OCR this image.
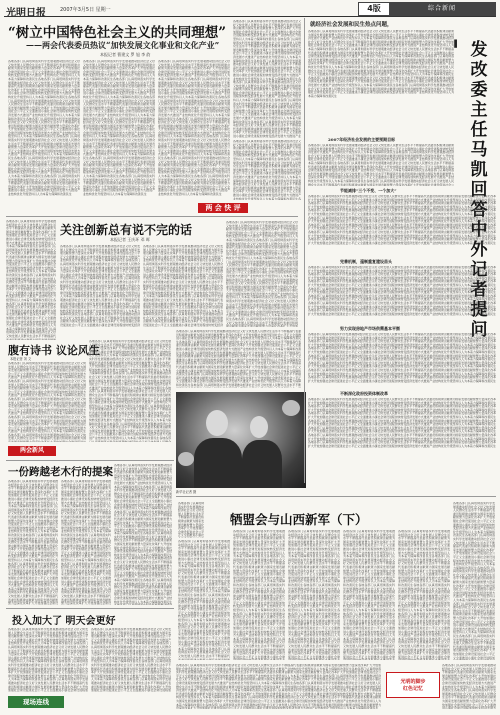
光明日报	2007年3月5日 星期一	4版	综合新闻
“树立中国特色社会主义的共同理想”
——两会代表委员热议“加快发展文化事业和文化产业”
本报记者 曹建文 罗 旭 李 韵
各地各部门认真贯彻落实科学发展观推动经济社会又好又快发展人民群众生活水平不断提高代表委员积极建言献策为国家发展贡献智慧力量深化改革扩大开放加强社会建设促进社会公平正义全面推进小康社会建设进程加快转变经济发展方式推进产业结构优化升级坚持以人为本着力保障和改善民生各地各部门认真贯彻落实科学发展观推动经济社会又好又快发展人民群众生活水平不断提高代表委员积极建言献策为国家发展贡献智慧力量深化改革扩大开放加强社会建设促进社会公平正义全面推进小康社会建设进程加快转变经济发展方式推进产业结构优化升级坚持以人为本着力保障和改善民生各地各部门认真贯彻落实科学发展观推动经济社会又好又快发展人民群众生活水平不断提高代表委员积极建言献策为国家发展贡献智慧力量深化改革扩大开放加强社会建设促进社会公平正义全面推进小康社会建设进程加快转变经济发展方式推进产业结构优化升级坚持以人为本着力保障和改善民生各地各部门认真贯彻落实科学发展观推动经济社会又好又快发展人民群众生活水平不断提高代表委员积极建言献策为国家发展贡献智慧力量深化改革扩大开放加强社会建设促进社会公平正义全面推进小康社会建设进程加快转变经济发展方式推进产业结构优化升级坚持以人为本着力保障和改善民生各地各部门认真贯彻落实科学发展观推动经济社会又好又快发展人民群众生活水平不断提高代表委员积极建言献策为国家发展贡献智慧力量深化改革扩大开放加强社会建设促进社会公平正义全面推进小康社会建设进程加快转变经济发展方式推进产业结构优化升级坚持以人为本着力保障和改善民生各地各部门认真贯彻落实科学发展观推动经济社会又好又快发展人民群众生活水平不断提高代表委员积极建言献策为国家发展贡献智慧力量深化改革扩大开放加强社会建设促进社会公平正义全面推进小康社会建设进程加快转变经济发展方式推进产业结构优化升级坚持以人为本着力保障和改善民生各地各部门认真贯彻落实科学发展观推动经济社会又好又快发展人民群众生活水平不断提高代表委员积极建言献策为国家发展贡献智慧力量深化改革扩大开放加强社会建设促进社会公平正义全面推进小康社会建设进程加快转变经济发展方式推进产业结构优化升级坚持以人为本着力保障和改善民生
各地各部门认真贯彻落实科学发展观推动经济社会又好又快发展人民群众生活水平不断提高代表委员积极建言献策为国家发展贡献智慧力量深化改革扩大开放加强社会建设促进社会公平正义全面推进小康社会建设进程加快转变经济发展方式推进产业结构优化升级坚持以人为本着力保障和改善民生各地各部门认真贯彻落实科学发展观推动经济社会又好又快发展人民群众生活水平不断提高代表委员积极建言献策为国家发展贡献智慧力量深化改革扩大开放加强社会建设促进社会公平正义全面推进小康社会建设进程加快转变经济发展方式推进产业结构优化升级坚持以人为本着力保障和改善民生各地各部门认真贯彻落实科学发展观推动经济社会又好又快发展人民群众生活水平不断提高代表委员积极建言献策为国家发展贡献智慧力量深化改革扩大开放加强社会建设促进社会公平正义全面推进小康社会建设进程加快转变经济发展方式推进产业结构优化升级坚持以人为本着力保障和改善民生各地各部门认真贯彻落实科学发展观推动经济社会又好又快发展人民群众生活水平不断提高代表委员积极建言献策为国家发展贡献智慧力量深化改革扩大开放加强社会建设促进社会公平正义全面推进小康社会建设进程加快转变经济发展方式推进产业结构优化升级坚持以人为本着力保障和改善民生各地各部门认真贯彻落实科学发展观推动经济社会又好又快发展人民群众生活水平不断提高代表委员积极建言献策为国家发展贡献智慧力量深化改革扩大开放加强社会建设促进社会公平正义全面推进小康社会建设进程加快转变经济发展方式推进产业结构优化升级坚持以人为本着力保障和改善民生各地各部门认真贯彻落实科学发展观推动经济社会又好又快发展人民群众生活水平不断提高代表委员积极建言献策为国家发展贡献智慧力量深化改革扩大开放加强社会建设促进社会公平正义全面推进小康社会建设进程加快转变经济发展方式推进产业结构优化升级坚持以人为本着力保障和改善民生各地各部门认真贯彻落实科学发展观推动经济社会又好又快发展人民群众生活水平不断提高代表委员积极建言献策为国家发展贡献智慧力量深化改革扩大开放加强社会建设促进社会公平正义全面推进小康社会建设进程加快转变经济发展方式推进产业结构优化升级坚持以人为本着力保障和改善民生
各地各部门认真贯彻落实科学发展观推动经济社会又好又快发展人民群众生活水平不断提高代表委员积极建言献策为国家发展贡献智慧力量深化改革扩大开放加强社会建设促进社会公平正义全面推进小康社会建设进程加快转变经济发展方式推进产业结构优化升级坚持以人为本着力保障和改善民生各地各部门认真贯彻落实科学发展观推动经济社会又好又快发展人民群众生活水平不断提高代表委员积极建言献策为国家发展贡献智慧力量深化改革扩大开放加强社会建设促进社会公平正义全面推进小康社会建设进程加快转变经济发展方式推进产业结构优化升级坚持以人为本着力保障和改善民生各地各部门认真贯彻落实科学发展观推动经济社会又好又快发展人民群众生活水平不断提高代表委员积极建言献策为国家发展贡献智慧力量深化改革扩大开放加强社会建设促进社会公平正义全面推进小康社会建设进程加快转变经济发展方式推进产业结构优化升级坚持以人为本着力保障和改善民生各地各部门认真贯彻落实科学发展观推动经济社会又好又快发展人民群众生活水平不断提高代表委员积极建言献策为国家发展贡献智慧力量深化改革扩大开放加强社会建设促进社会公平正义全面推进小康社会建设进程加快转变经济发展方式推进产业结构优化升级坚持以人为本着力保障和改善民生各地各部门认真贯彻落实科学发展观推动经济社会又好又快发展人民群众生活水平不断提高代表委员积极建言献策为国家发展贡献智慧力量深化改革扩大开放加强社会建设促进社会公平正义全面推进小康社会建设进程加快转变经济发展方式推进产业结构优化升级坚持以人为本着力保障和改善民生各地各部门认真贯彻落实科学发展观推动经济社会又好又快发展人民群众生活水平不断提高代表委员积极建言献策为国家发展贡献智慧力量深化改革扩大开放加强社会建设促进社会公平正义全面推进小康社会建设进程加快转变经济发展方式推进产业结构优化升级坚持以人为本着力保障和改善民生各地各部门认真贯彻落实科学发展观推动经济社会又好又快发展人民群众生活水平不断提高代表委员积极建言献策为国家发展贡献智慧力量深化改革扩大开放加强社会建设促进社会公平正义全面推进小康社会建设进程加快转变经济发展方式推进产业结构优化升级坚持以人为本着力保障和改善民生
各地各部门认真贯彻落实科学发展观推动经济社会又好又快发展人民群众生活水平不断提高代表委员积极建言献策为国家发展贡献智慧力量深化改革扩大开放加强社会建设促进社会公平正义全面推进小康社会建设进程加快转变经济发展方式推进产业结构优化升级坚持以人为本着力保障和改善民生各地各部门认真贯彻落实科学发展观推动经济社会又好又快发展人民群众生活水平不断提高代表委员积极建言献策为国家发展贡献智慧力量深化改革扩大开放加强社会建设促进社会公平正义全面推进小康社会建设进程加快转变经济发展方式推进产业结构优化升级坚持以人为本着力保障和改善民生各地各部门认真贯彻落实科学发展观推动经济社会又好又快发展人民群众生活水平不断提高代表委员积极建言献策为国家发展贡献智慧力量深化改革扩大开放加强社会建设促进社会公平正义全面推进小康社会建设进程加快转变经济发展方式推进产业结构优化升级坚持以人为本着力保障和改善民生各地各部门认真贯彻落实科学发展观推动经济社会又好又快发展人民群众生活水平不断提高代表委员积极建言献策为国家发展贡献智慧力量深化改革扩大开放加强社会建设促进社会公平正义全面推进小康社会建设进程加快转变经济发展方式推进产业结构优化升级坚持以人为本着力保障和改善民生各地各部门认真贯彻落实科学发展观推动经济社会又好又快发展人民群众生活水平不断提高代表委员积极建言献策为国家发展贡献智慧力量深化改革扩大开放加强社会建设促进社会公平正义全面推进小康社会建设进程加快转变经济发展方式推进产业结构优化升级坚持以人为本着力保障和改善民生各地各部门认真贯彻落实科学发展观推动经济社会又好又快发展人民群众生活水平不断提高代表委员积极建言献策为国家发展贡献智慧力量深化改革扩大开放加强社会建设促进社会公平正义全面推进小康社会建设进程加快转变经济发展方式推进产业结构优化升级坚持以人为本着力保障和改善民生各地各部门认真贯彻落实科学发展观推动经济社会又好又快发展人民群众生活水平不断提高代表委员积极建言献策为国家发展贡献智慧力量深化改革扩大开放加强社会建设促进社会公平正义全面推进小康社会建设进程加快转变经济发展方式推进产业结构优化升级坚持以人为本着力保障和改善民生
各地各部门认真贯彻落实科学发展观推动经济社会又好又快发展人民群众生活水平不断提高代表委员积极建言献策为国家发展贡献智慧力量深化改革扩大开放加强社会建设促进社会公平正义全面推进小康社会建设进程加快转变经济发展方式推进产业结构优化升级坚持以人为本着力保障和改善民生各地各部门认真贯彻落实科学发展观推动经济社会又好又快发展人民群众生活水平不断提高代表委员积极建言献策为国家发展贡献智慧力量深化改革扩大开放加强社会建设促进社会公平正义全面推进小康社会建设进程加快转变经济发展方式推进产业结构优化升级坚持以人为本着力保障和改善民生各地各部门认真贯彻落实科学发展观推动经济社会又好又快发展人民群众生活水平不断提高代表委员积极建言献策为国家发展贡献智慧力量深化改革扩大开放加强社会建设促进社会公平正义全面推进小康社会建设进程加快转变经济发展方式推进产业结构优化升级坚持以人为本着力保障和改善民生各地各部门认真贯彻落实科学发展观推动经济社会又好又快发展人民群众生活水平不断提高代表委员积极建言献策为国家发展贡献智慧力量深化改革扩大开放加强社会建设促进社会公平正义全面推进小康社会建设进程加快转变经济发展方式推进产业结构优化升级坚持以人为本着力保障和改善民生各地各部门认真贯彻落实科学发展观推动经济社会又好又快发展人民群众生活水平不断提高代表委员积极建言献策为国家发展贡献智慧力量深化改革扩大开放加强社会建设促进社会公平正义全面推进小康社会建设进程加快转变经济发展方式推进产业结构优化升级坚持以人为本着力保障和改善民生各地各部门认真贯彻落实科学发展观推动经济社会又好又快发展人民群众生活水平不断提高代表委员积极建言献策为国家发展贡献智慧力量深化改革扩大开放加强社会建设促进社会公平正义全面推进小康社会建设进程加快转变经济发展方式推进产业结构优化升级坚持以人为本着力保障和改善民生各地各部门认真贯彻落实科学发展观推动经济社会又好又快发展人民群众生活水平不断提高代表委员积极建言献策为国家发展贡献智慧力量深化改革扩大开放加强社会建设促进社会公平正义全面推进小康社会建设进程加快转变经济发展方式推进产业结构优化升级坚持以人为本着力保障和改善民生
两 会 快 评
关注创新总有说不完的话
本报记者 王庆环 邓 晖
各地各部门认真贯彻落实科学发展观推动经济社会又好又快发展人民群众生活水平不断提高代表委员积极建言献策为国家发展贡献智慧力量深化改革扩大开放加强社会建设促进社会公平正义全面推进小康社会建设进程加快转变经济发展方式推进产业结构优化升级坚持以人为本着力保障和改善民生各地各部门认真贯彻落实科学发展观推动经济社会又好又快发展人民群众生活水平不断提高代表委员积极建言献策为国家发展贡献智慧力量深化改革扩大开放加强社会建设促进社会公平正义全面推进小康社会建设进程加快转变经济发展方式推进产业结构优化升级坚持以人为本着力保障和改善民生各地各部门认真贯彻落实科学发展观推动经济社会又好又快发展人民群众生活水平不断提高代表委员积极建言献策为国家发展贡献智慧力量深化改革扩大开放加强社会建设促进社会公平正义全面推进小康社会建设进程加快转变经济发展方式推进产业结构优化升级坚持以人为本着力保障和改善民生各地各部门认真贯彻落实科学发展观推动经济社会又好又快发展人民群众生活水平不断提高代表委员积极建言献策为国家发展贡献智慧力量深化改革扩大开放加强社会建设促进社会公平正义全面推进小康社会建设进程加快转变经济发展方式推进产业结构优化升级坚持以人为本着力保障和改善民生各地各部门认真贯彻落实科学发展观推动经济社会又好又快发展人民群众生活水平不断提高代表委员积极建言献策为国家发展贡献智慧力量深化改革扩大开放加强社会建设促进社会公平正义全面推进小康社会建设进程加快转变经济发展方式推进产业结构优化升级坚持以人为本着力保障和改善民生各地各部门认真贯彻落实科学发展观推动经济社会又好又快发展人民群众生活水平不断提高代表委员积极建言献策为国家发展贡献智慧力量深化改革扩大开放加强社会建设促进社会公平正义全面推进小康社会建设进程加快转变经济发展方式推进产业结构优化升级坚持以人为本着力保障和改善民生各地各部门认真贯彻落实科学发展观推动经济社会又好又快发展人民群众生活水平不断提高代表委员积极建言献策为国家发展贡献智慧力量深化改革扩大开放加强社会建设促进社会公平正义全面推进小康社会建设进程加快转变经济发展方式推进产业结构优化升级坚持以人为本着力保障和改善民生
各地各部门认真贯彻落实科学发展观推动经济社会又好又快发展人民群众生活水平不断提高代表委员积极建言献策为国家发展贡献智慧力量深化改革扩大开放加强社会建设促进社会公平正义全面推进小康社会建设进程加快转变经济发展方式推进产业结构优化升级坚持以人为本着力保障和改善民生各地各部门认真贯彻落实科学发展观推动经济社会又好又快发展人民群众生活水平不断提高代表委员积极建言献策为国家发展贡献智慧力量深化改革扩大开放加强社会建设促进社会公平正义全面推进小康社会建设进程加快转变经济发展方式推进产业结构优化升级坚持以人为本着力保障和改善民生各地各部门认真贯彻落实科学发展观推动经济社会又好又快发展人民群众生活水平不断提高代表委员积极建言献策为国家发展贡献智慧力量深化改革扩大开放加强社会建设促进社会公平正义全面推进小康社会建设进程加快转变经济发展方式推进产业结构优化升级坚持以人为本着力保障和改善民生各地各部门认真贯彻落实科学发展观推动经济社会又好又快发展人民群众生活水平不断提高代表委员积极建言献策为国家发展贡献智慧力量深化改革扩大开放加强社会建设促进社会公平正义全面推进小康社会建设进程加快转变经济发展方式推进产业结构优化升级坚持以人为本着力保障和改善民生各地各部门认真贯彻落实科学发展观推动经济社会又好又快发展人民群众生活水平不断提高代表委员积极建言献策为国家发展贡献智慧力量深化改革扩大开放加强社会建设促进社会公平正义全面推进小康社会建设进程加快转变经济发展方式推进产业结构优化升级坚持以人为本着力保障和改善民生各地各部门认真贯彻落实科学发展观推动经济社会又好又快发展人民群众生活水平不断提高代表委员积极建言献策为国家发展贡献智慧力量深化改革扩大开放加强社会建设促进社会公平正义全面推进小康社会建设进程加快转变经济发展方式推进产业结构优化升级坚持以人为本着力保障和改善民生各地各部门认真贯彻落实科学发展观推动经济社会又好又快发展人民群众生活水平不断提高代表委员积极建言献策为国家发展贡献智慧力量深化改革扩大开放加强社会建设促进社会公平正义全面推进小康社会建设进程加快转变经济发展方式推进产业结构优化升级坚持以人为本着力保障和改善民生
各地各部门认真贯彻落实科学发展观推动经济社会又好又快发展人民群众生活水平不断提高代表委员积极建言献策为国家发展贡献智慧力量深化改革扩大开放加强社会建设促进社会公平正义全面推进小康社会建设进程加快转变经济发展方式推进产业结构优化升级坚持以人为本着力保障和改善民生各地各部门认真贯彻落实科学发展观推动经济社会又好又快发展人民群众生活水平不断提高代表委员积极建言献策为国家发展贡献智慧力量深化改革扩大开放加强社会建设促进社会公平正义全面推进小康社会建设进程加快转变经济发展方式推进产业结构优化升级坚持以人为本着力保障和改善民生各地各部门认真贯彻落实科学发展观推动经济社会又好又快发展人民群众生活水平不断提高代表委员积极建言献策为国家发展贡献智慧力量深化改革扩大开放加强社会建设促进社会公平正义全面推进小康社会建设进程加快转变经济发展方式推进产业结构优化升级坚持以人为本着力保障和改善民生各地各部门认真贯彻落实科学发展观推动经济社会又好又快发展人民群众生活水平不断提高代表委员积极建言献策为国家发展贡献智慧力量深化改革扩大开放加强社会建设促进社会公平正义全面推进小康社会建设进程加快转变经济发展方式推进产业结构优化升级坚持以人为本着力保障和改善民生各地各部门认真贯彻落实科学发展观推动经济社会又好又快发展人民群众生活水平不断提高代表委员积极建言献策为国家发展贡献智慧力量深化改革扩大开放加强社会建设促进社会公平正义全面推进小康社会建设进程加快转变经济发展方式推进产业结构优化升级坚持以人为本着力保障和改善民生各地各部门认真贯彻落实科学发展观推动经济社会又好又快发展人民群众生活水平不断提高代表委员积极建言献策为国家发展贡献智慧力量深化改革扩大开放加强社会建设促进社会公平正义全面推进小康社会建设进程加快转变经济发展方式推进产业结构优化升级坚持以人为本着力保障和改善民生各地各部门认真贯彻落实科学发展观推动经济社会又好又快发展人民群众生活水平不断提高代表委员积极建言献策为国家发展贡献智慧力量深化改革扩大开放加强社会建设促进社会公平正义全面推进小康社会建设进程加快转变经济发展方式推进产业结构优化升级坚持以人为本着力保障和改善民生
各地各部门认真贯彻落实科学发展观推动经济社会又好又快发展人民群众生活水平不断提高代表委员积极建言献策为国家发展贡献智慧力量深化改革扩大开放加强社会建设促进社会公平正义全面推进小康社会建设进程加快转变经济发展方式推进产业结构优化升级坚持以人为本着力保障和改善民生各地各部门认真贯彻落实科学发展观推动经济社会又好又快发展人民群众生活水平不断提高代表委员积极建言献策为国家发展贡献智慧力量深化改革扩大开放加强社会建设促进社会公平正义全面推进小康社会建设进程加快转变经济发展方式推进产业结构优化升级坚持以人为本着力保障和改善民生各地各部门认真贯彻落实科学发展观推动经济社会又好又快发展人民群众生活水平不断提高代表委员积极建言献策为国家发展贡献智慧力量深化改革扩大开放加强社会建设促进社会公平正义全面推进小康社会建设进程加快转变经济发展方式推进产业结构优化升级坚持以人为本着力保障和改善民生各地各部门认真贯彻落实科学发展观推动经济社会又好又快发展人民群众生活水平不断提高代表委员积极建言献策为国家发展贡献智慧力量深化改革扩大开放加强社会建设促进社会公平正义全面推进小康社会建设进程加快转变经济发展方式推进产业结构优化升级坚持以人为本着力保障和改善民生各地各部门认真贯彻落实科学发展观推动经济社会又好又快发展人民群众生活水平不断提高代表委员积极建言献策为国家发展贡献智慧力量深化改革扩大开放加强社会建设促进社会公平正义全面推进小康社会建设进程加快转变经济发展方式推进产业结构优化升级坚持以人为本着力保障和改善民生各地各部门认真贯彻落实科学发展观推动经济社会又好又快发展人民群众生活水平不断提高代表委员积极建言献策为国家发展贡献智慧力量深化改革扩大开放加强社会建设促进社会公平正义全面推进小康社会建设进程加快转变经济发展方式推进产业结构优化升级坚持以人为本着力保障和改善民生各地各部门认真贯彻落实科学发展观推动经济社会又好又快发展人民群众生活水平不断提高代表委员积极建言献策为国家发展贡献智慧力量深化改革扩大开放加强社会建设促进社会公平正义全面推进小康社会建设进程加快转变经济发展方式推进产业结构优化升级坚持以人为本着力保障和改善民生
腹有诗书 议论风生
本报记者 刘 文
各地各部门认真贯彻落实科学发展观推动经济社会又好又快发展人民群众生活水平不断提高代表委员积极建言献策为国家发展贡献智慧力量深化改革扩大开放加强社会建设促进社会公平正义全面推进小康社会建设进程加快转变经济发展方式推进产业结构优化升级坚持以人为本着力保障和改善民生各地各部门认真贯彻落实科学发展观推动经济社会又好又快发展人民群众生活水平不断提高代表委员积极建言献策为国家发展贡献智慧力量深化改革扩大开放加强社会建设促进社会公平正义全面推进小康社会建设进程加快转变经济发展方式推进产业结构优化升级坚持以人为本着力保障和改善民生各地各部门认真贯彻落实科学发展观推动经济社会又好又快发展人民群众生活水平不断提高代表委员积极建言献策为国家发展贡献智慧力量深化改革扩大开放加强社会建设促进社会公平正义全面推进小康社会建设进程加快转变经济发展方式推进产业结构优化升级坚持以人为本着力保障和改善民生各地各部门认真贯彻落实科学发展观推动经济社会又好又快发展人民群众生活水平不断提高代表委员积极建言献策为国家发展贡献智慧力量深化改革扩大开放加强社会建设促进社会公平正义全面推进小康社会建设进程加快转变经济发展方式推进产业结构优化升级坚持以人为本着力保障和改善民生各地各部门认真贯彻落实科学发展观推动经济社会又好又快发展人民群众生活水平不断提高代表委员积极建言献策为国家发展贡献智慧力量深化改革扩大开放加强社会建设促进社会公平正义全面推进小康社会建设进程加快转变经济发展方式推进产业结构优化升级坚持以人为本着力保障和改善民生各地各部门认真贯彻落实科学发展观推动经济社会又好又快发展人民群众生活水平不断提高代表委员积极建言献策为国家发展贡献智慧力量深化改革扩大开放加强社会建设促进社会公平正义全面推进小康社会建设进程加快转变经济发展方式推进产业结构优化升级坚持以人为本着力保障和改善民生各地各部门认真贯彻落实科学发展观推动经济社会又好又快发展人民群众生活水平不断提高代表委员积极建言献策为国家发展贡献智慧力量深化改革扩大开放加强社会建设促进社会公平正义全面推进小康社会建设进程加快转变经济发展方式推进产业结构优化升级坚持以人为本着力保障和改善民生
各地各部门认真贯彻落实科学发展观推动经济社会又好又快发展人民群众生活水平不断提高代表委员积极建言献策为国家发展贡献智慧力量深化改革扩大开放加强社会建设促进社会公平正义全面推进小康社会建设进程加快转变经济发展方式推进产业结构优化升级坚持以人为本着力保障和改善民生各地各部门认真贯彻落实科学发展观推动经济社会又好又快发展人民群众生活水平不断提高代表委员积极建言献策为国家发展贡献智慧力量深化改革扩大开放加强社会建设促进社会公平正义全面推进小康社会建设进程加快转变经济发展方式推进产业结构优化升级坚持以人为本着力保障和改善民生各地各部门认真贯彻落实科学发展观推动经济社会又好又快发展人民群众生活水平不断提高代表委员积极建言献策为国家发展贡献智慧力量深化改革扩大开放加强社会建设促进社会公平正义全面推进小康社会建设进程加快转变经济发展方式推进产业结构优化升级坚持以人为本着力保障和改善民生各地各部门认真贯彻落实科学发展观推动经济社会又好又快发展人民群众生活水平不断提高代表委员积极建言献策为国家发展贡献智慧力量深化改革扩大开放加强社会建设促进社会公平正义全面推进小康社会建设进程加快转变经济发展方式推进产业结构优化升级坚持以人为本着力保障和改善民生各地各部门认真贯彻落实科学发展观推动经济社会又好又快发展人民群众生活水平不断提高代表委员积极建言献策为国家发展贡献智慧力量深化改革扩大开放加强社会建设促进社会公平正义全面推进小康社会建设进程加快转变经济发展方式推进产业结构优化升级坚持以人为本着力保障和改善民生各地各部门认真贯彻落实科学发展观推动经济社会又好又快发展人民群众生活水平不断提高代表委员积极建言献策为国家发展贡献智慧力量深化改革扩大开放加强社会建设促进社会公平正义全面推进小康社会建设进程加快转变经济发展方式推进产业结构优化升级坚持以人为本着力保障和改善民生各地各部门认真贯彻落实科学发展观推动经济社会又好又快发展人民群众生活水平不断提高代表委员积极建言献策为国家发展贡献智慧力量深化改革扩大开放加强社会建设促进社会公平正义全面推进小康社会建设进程加快转变经济发展方式推进产业结构优化升级坚持以人为本着力保障和改善民生
各地各部门认真贯彻落实科学发展观推动经济社会又好又快发展人民群众生活水平不断提高代表委员积极建言献策为国家发展贡献智慧力量深化改革扩大开放加强社会建设促进社会公平正义全面推进小康社会建设进程加快转变经济发展方式推进产业结构优化升级坚持以人为本着力保障和改善民生各地各部门认真贯彻落实科学发展观推动经济社会又好又快发展人民群众生活水平不断提高代表委员积极建言献策为国家发展贡献智慧力量深化改革扩大开放加强社会建设促进社会公平正义全面推进小康社会建设进程加快转变经济发展方式推进产业结构优化升级坚持以人为本着力保障和改善民生各地各部门认真贯彻落实科学发展观推动经济社会又好又快发展人民群众生活水平不断提高代表委员积极建言献策为国家发展贡献智慧力量深化改革扩大开放加强社会建设促进社会公平正义全面推进小康社会建设进程加快转变经济发展方式推进产业结构优化升级坚持以人为本着力保障和改善民生各地各部门认真贯彻落实科学发展观推动经济社会又好又快发展人民群众生活水平不断提高代表委员积极建言献策为国家发展贡献智慧力量深化改革扩大开放加强社会建设促进社会公平正义全面推进小康社会建设进程加快转变经济发展方式推进产业结构优化升级坚持以人为本着力保障和改善民生各地各部门认真贯彻落实科学发展观推动经济社会又好又快发展人民群众生活水平不断提高代表委员积极建言献策为国家发展贡献智慧力量深化改革扩大开放加强社会建设促进社会公平正义全面推进小康社会建设进程加快转变经济发展方式推进产业结构优化升级坚持以人为本着力保障和改善民生各地各部门认真贯彻落实科学发展观推动经济社会又好又快发展人民群众生活水平不断提高代表委员积极建言献策为国家发展贡献智慧力量深化改革扩大开放加强社会建设促进社会公平正义全面推进小康社会建设进程加快转变经济发展方式推进产业结构优化升级坚持以人为本着力保障和改善民生各地各部门认真贯彻落实科学发展观推动经济社会又好又快发展人民群众生活水平不断提高代表委员积极建言献策为国家发展贡献智慧力量深化改革扩大开放加强社会建设促进社会公平正义全面推进小康社会建设进程加快转变经济发展方式推进产业结构优化升级坚持以人为本着力保障和改善民生
新华社记者 摄
两会新风
一份跨越老木行的提案
各地各部门认真贯彻落实科学发展观推动经济社会又好又快发展人民群众生活水平不断提高代表委员积极建言献策为国家发展贡献智慧力量深化改革扩大开放加强社会建设促进社会公平正义全面推进小康社会建设进程加快转变经济发展方式推进产业结构优化升级坚持以人为本着力保障和改善民生各地各部门认真贯彻落实科学发展观推动经济社会又好又快发展人民群众生活水平不断提高代表委员积极建言献策为国家发展贡献智慧力量深化改革扩大开放加强社会建设促进社会公平正义全面推进小康社会建设进程加快转变经济发展方式推进产业结构优化升级坚持以人为本着力保障和改善民生各地各部门认真贯彻落实科学发展观推动经济社会又好又快发展人民群众生活水平不断提高代表委员积极建言献策为国家发展贡献智慧力量深化改革扩大开放加强社会建设促进社会公平正义全面推进小康社会建设进程加快转变经济发展方式推进产业结构优化升级坚持以人为本着力保障和改善民生各地各部门认真贯彻落实科学发展观推动经济社会又好又快发展人民群众生活水平不断提高代表委员积极建言献策为国家发展贡献智慧力量深化改革扩大开放加强社会建设促进社会公平正义全面推进小康社会建设进程加快转变经济发展方式推进产业结构优化升级坚持以人为本着力保障和改善民生各地各部门认真贯彻落实科学发展观推动经济社会又好又快发展人民群众生活水平不断提高代表委员积极建言献策为国家发展贡献智慧力量深化改革扩大开放加强社会建设促进社会公平正义全面推进小康社会建设进程加快转变经济发展方式推进产业结构优化升级坚持以人为本着力保障和改善民生各地各部门认真贯彻落实科学发展观推动经济社会又好又快发展人民群众生活水平不断提高代表委员积极建言献策为国家发展贡献智慧力量深化改革扩大开放加强社会建设促进社会公平正义全面推进小康社会建设进程加快转变经济发展方式推进产业结构优化升级坚持以人为本着力保障和改善民生各地各部门认真贯彻落实科学发展观推动经济社会又好又快发展人民群众生活水平不断提高代表委员积极建言献策为国家发展贡献智慧力量深化改革扩大开放加强社会建设促进社会公平正义全面推进小康社会建设进程加快转变经济发展方式推进产业结构优化升级坚持以人为本着力保障和改善民生
各地各部门认真贯彻落实科学发展观推动经济社会又好又快发展人民群众生活水平不断提高代表委员积极建言献策为国家发展贡献智慧力量深化改革扩大开放加强社会建设促进社会公平正义全面推进小康社会建设进程加快转变经济发展方式推进产业结构优化升级坚持以人为本着力保障和改善民生各地各部门认真贯彻落实科学发展观推动经济社会又好又快发展人民群众生活水平不断提高代表委员积极建言献策为国家发展贡献智慧力量深化改革扩大开放加强社会建设促进社会公平正义全面推进小康社会建设进程加快转变经济发展方式推进产业结构优化升级坚持以人为本着力保障和改善民生各地各部门认真贯彻落实科学发展观推动经济社会又好又快发展人民群众生活水平不断提高代表委员积极建言献策为国家发展贡献智慧力量深化改革扩大开放加强社会建设促进社会公平正义全面推进小康社会建设进程加快转变经济发展方式推进产业结构优化升级坚持以人为本着力保障和改善民生各地各部门认真贯彻落实科学发展观推动经济社会又好又快发展人民群众生活水平不断提高代表委员积极建言献策为国家发展贡献智慧力量深化改革扩大开放加强社会建设促进社会公平正义全面推进小康社会建设进程加快转变经济发展方式推进产业结构优化升级坚持以人为本着力保障和改善民生各地各部门认真贯彻落实科学发展观推动经济社会又好又快发展人民群众生活水平不断提高代表委员积极建言献策为国家发展贡献智慧力量深化改革扩大开放加强社会建设促进社会公平正义全面推进小康社会建设进程加快转变经济发展方式推进产业结构优化升级坚持以人为本着力保障和改善民生各地各部门认真贯彻落实科学发展观推动经济社会又好又快发展人民群众生活水平不断提高代表委员积极建言献策为国家发展贡献智慧力量深化改革扩大开放加强社会建设促进社会公平正义全面推进小康社会建设进程加快转变经济发展方式推进产业结构优化升级坚持以人为本着力保障和改善民生各地各部门认真贯彻落实科学发展观推动经济社会又好又快发展人民群众生活水平不断提高代表委员积极建言献策为国家发展贡献智慧力量深化改革扩大开放加强社会建设促进社会公平正义全面推进小康社会建设进程加快转变经济发展方式推进产业结构优化升级坚持以人为本着力保障和改善民生
各地各部门认真贯彻落实科学发展观推动经济社会又好又快发展人民群众生活水平不断提高代表委员积极建言献策为国家发展贡献智慧力量深化改革扩大开放加强社会建设促进社会公平正义全面推进小康社会建设进程加快转变经济发展方式推进产业结构优化升级坚持以人为本着力保障和改善民生各地各部门认真贯彻落实科学发展观推动经济社会又好又快发展人民群众生活水平不断提高代表委员积极建言献策为国家发展贡献智慧力量深化改革扩大开放加强社会建设促进社会公平正义全面推进小康社会建设进程加快转变经济发展方式推进产业结构优化升级坚持以人为本着力保障和改善民生各地各部门认真贯彻落实科学发展观推动经济社会又好又快发展人民群众生活水平不断提高代表委员积极建言献策为国家发展贡献智慧力量深化改革扩大开放加强社会建设促进社会公平正义全面推进小康社会建设进程加快转变经济发展方式推进产业结构优化升级坚持以人为本着力保障和改善民生各地各部门认真贯彻落实科学发展观推动经济社会又好又快发展人民群众生活水平不断提高代表委员积极建言献策为国家发展贡献智慧力量深化改革扩大开放加强社会建设促进社会公平正义全面推进小康社会建设进程加快转变经济发展方式推进产业结构优化升级坚持以人为本着力保障和改善民生各地各部门认真贯彻落实科学发展观推动经济社会又好又快发展人民群众生活水平不断提高代表委员积极建言献策为国家发展贡献智慧力量深化改革扩大开放加强社会建设促进社会公平正义全面推进小康社会建设进程加快转变经济发展方式推进产业结构优化升级坚持以人为本着力保障和改善民生各地各部门认真贯彻落实科学发展观推动经济社会又好又快发展人民群众生活水平不断提高代表委员积极建言献策为国家发展贡献智慧力量深化改革扩大开放加强社会建设促进社会公平正义全面推进小康社会建设进程加快转变经济发展方式推进产业结构优化升级坚持以人为本着力保障和改善民生各地各部门认真贯彻落实科学发展观推动经济社会又好又快发展人民群众生活水平不断提高代表委员积极建言献策为国家发展贡献智慧力量深化改革扩大开放加强社会建设促进社会公平正义全面推进小康社会建设进程加快转变经济发展方式推进产业结构优化升级坚持以人为本着力保障和改善民生
就经济社会发展和民生热点问题，
各地各部门认真贯彻落实科学发展观推动经济社会又好又快发展人民群众生活水平不断提高代表委员积极建言献策为国家发展贡献智慧力量深化改革扩大开放加强社会建设促进社会公平正义全面推进小康社会建设进程加快转变经济发展方式推进产业结构优化升级坚持以人为本着力保障和改善民生各地各部门认真贯彻落实科学发展观推动经济社会又好又快发展人民群众生活水平不断提高代表委员积极建言献策为国家发展贡献智慧力量深化改革扩大开放加强社会建设促进社会公平正义全面推进小康社会建设进程加快转变经济发展方式推进产业结构优化升级坚持以人为本着力保障和改善民生各地各部门认真贯彻落实科学发展观推动经济社会又好又快发展人民群众生活水平不断提高代表委员积极建言献策为国家发展贡献智慧力量深化改革扩大开放加强社会建设促进社会公平正义全面推进小康社会建设进程加快转变经济发展方式推进产业结构优化升级坚持以人为本着力保障和改善民生各地各部门认真贯彻落实科学发展观推动经济社会又好又快发展人民群众生活水平不断提高代表委员积极建言献策为国家发展贡献智慧力量深化改革扩大开放加强社会建设促进社会公平正义全面推进小康社会建设进程加快转变经济发展方式推进产业结构优化升级坚持以人为本着力保障和改善民生各地各部门认真贯彻落实科学发展观推动经济社会又好又快发展人民群众生活水平不断提高代表委员积极建言献策为国家发展贡献智慧力量深化改革扩大开放加强社会建设促进社会公平正义全面推进小康社会建设进程加快转变经济发展方式推进产业结构优化升级坚持以人为本着力保障和改善民生各地各部门认真贯彻落实科学发展观推动经济社会又好又快发展人民群众生活水平不断提高代表委员积极建言献策为国家发展贡献智慧力量深化改革扩大开放加强社会建设促进社会公平正义全面推进小康社会建设进程加快转变经济发展方式推进产业结构优化升级坚持以人为本着力保障和改善民生各地各部门认真贯彻落实科学发展观推动经济社会又好又快发展人民群众生活水平不断提高代表委员积极建言献策为国家发展贡献智慧力量深化改革扩大开放加强社会建设促进社会公平正义全面推进小康社会建设进程加快转变经济发展方式推进产业结构优化升级坚持以人为本着力保障和改善民生
▌ 发改委主任马凯回答中外记者提问
2007年经济社会发展的主要预期目标
各地各部门认真贯彻落实科学发展观推动经济社会又好又快发展人民群众生活水平不断提高代表委员积极建言献策为国家发展贡献智慧力量深化改革扩大开放加强社会建设促进社会公平正义全面推进小康社会建设进程加快转变经济发展方式推进产业结构优化升级坚持以人为本着力保障和改善民生各地各部门认真贯彻落实科学发展观推动经济社会又好又快发展人民群众生活水平不断提高代表委员积极建言献策为国家发展贡献智慧力量深化改革扩大开放加强社会建设促进社会公平正义全面推进小康社会建设进程加快转变经济发展方式推进产业结构优化升级坚持以人为本着力保障和改善民生各地各部门认真贯彻落实科学发展观推动经济社会又好又快发展人民群众生活水平不断提高代表委员积极建言献策为国家发展贡献智慧力量深化改革扩大开放加强社会建设促进社会公平正义全面推进小康社会建设进程加快转变经济发展方式推进产业结构优化升级坚持以人为本着力保障和改善民生各地各部门认真贯彻落实科学发展观推动经济社会又好又快发展人民群众生活水平不断提高代表委员积极建言献策为国家发展贡献智慧力量深化改革扩大开放加强社会建设促进社会公平正义全面推进小康社会建设进程加快转变经济发展方式推进产业结构优化升级坚持以人为本着力保障和改善民生各地各部门认真贯彻落实科学发展观推动经济社会又好又快发展人民群众生活水平不断提高代表委员积极建言献策为国家发展贡献智慧力量深化改革扩大开放加强社会建设促进社会公平正义全面推进小康社会建设进程加快转变经济发展方式推进产业结构优化升级坚持以人为本着力保障和改善民生各地各部门认真贯彻落实科学发展观推动经济社会又好又快发展人民群众生活水平不断提高代表委员积极建言献策为国家发展贡献智慧力量深化改革扩大开放加强社会建设促进社会公平正义全面推进小康社会建设进程加快转变经济发展方式推进产业结构优化升级坚持以人为本着力保障和改善民生各地各部门认真贯彻落实科学发展观推动经济社会又好又快发展人民群众生活水平不断提高代表委员积极建言献策为国家发展贡献智慧力量深化改革扩大开放加强社会建设促进社会公平正义全面推进小康社会建设进程加快转变经济发展方式推进产业结构优化升级坚持以人为本着力保障和改善民生
节能减排“三个不变、一个加大”
各地各部门认真贯彻落实科学发展观推动经济社会又好又快发展人民群众生活水平不断提高代表委员积极建言献策为国家发展贡献智慧力量深化改革扩大开放加强社会建设促进社会公平正义全面推进小康社会建设进程加快转变经济发展方式推进产业结构优化升级坚持以人为本着力保障和改善民生各地各部门认真贯彻落实科学发展观推动经济社会又好又快发展人民群众生活水平不断提高代表委员积极建言献策为国家发展贡献智慧力量深化改革扩大开放加强社会建设促进社会公平正义全面推进小康社会建设进程加快转变经济发展方式推进产业结构优化升级坚持以人为本着力保障和改善民生各地各部门认真贯彻落实科学发展观推动经济社会又好又快发展人民群众生活水平不断提高代表委员积极建言献策为国家发展贡献智慧力量深化改革扩大开放加强社会建设促进社会公平正义全面推进小康社会建设进程加快转变经济发展方式推进产业结构优化升级坚持以人为本着力保障和改善民生各地各部门认真贯彻落实科学发展观推动经济社会又好又快发展人民群众生活水平不断提高代表委员积极建言献策为国家发展贡献智慧力量深化改革扩大开放加强社会建设促进社会公平正义全面推进小康社会建设进程加快转变经济发展方式推进产业结构优化升级坚持以人为本着力保障和改善民生各地各部门认真贯彻落实科学发展观推动经济社会又好又快发展人民群众生活水平不断提高代表委员积极建言献策为国家发展贡献智慧力量深化改革扩大开放加强社会建设促进社会公平正义全面推进小康社会建设进程加快转变经济发展方式推进产业结构优化升级坚持以人为本着力保障和改善民生各地各部门认真贯彻落实科学发展观推动经济社会又好又快发展人民群众生活水平不断提高代表委员积极建言献策为国家发展贡献智慧力量深化改革扩大开放加强社会建设促进社会公平正义全面推进小康社会建设进程加快转变经济发展方式推进产业结构优化升级坚持以人为本着力保障和改善民生各地各部门认真贯彻落实科学发展观推动经济社会又好又快发展人民群众生活水平不断提高代表委员积极建言献策为国家发展贡献智慧力量深化改革扩大开放加强社会建设促进社会公平正义全面推进小康社会建设进程加快转变经济发展方式推进产业结构优化升级坚持以人为本着力保障和改善民生
完善机制，遏制重复建设苗头
各地各部门认真贯彻落实科学发展观推动经济社会又好又快发展人民群众生活水平不断提高代表委员积极建言献策为国家发展贡献智慧力量深化改革扩大开放加强社会建设促进社会公平正义全面推进小康社会建设进程加快转变经济发展方式推进产业结构优化升级坚持以人为本着力保障和改善民生各地各部门认真贯彻落实科学发展观推动经济社会又好又快发展人民群众生活水平不断提高代表委员积极建言献策为国家发展贡献智慧力量深化改革扩大开放加强社会建设促进社会公平正义全面推进小康社会建设进程加快转变经济发展方式推进产业结构优化升级坚持以人为本着力保障和改善民生各地各部门认真贯彻落实科学发展观推动经济社会又好又快发展人民群众生活水平不断提高代表委员积极建言献策为国家发展贡献智慧力量深化改革扩大开放加强社会建设促进社会公平正义全面推进小康社会建设进程加快转变经济发展方式推进产业结构优化升级坚持以人为本着力保障和改善民生各地各部门认真贯彻落实科学发展观推动经济社会又好又快发展人民群众生活水平不断提高代表委员积极建言献策为国家发展贡献智慧力量深化改革扩大开放加强社会建设促进社会公平正义全面推进小康社会建设进程加快转变经济发展方式推进产业结构优化升级坚持以人为本着力保障和改善民生各地各部门认真贯彻落实科学发展观推动经济社会又好又快发展人民群众生活水平不断提高代表委员积极建言献策为国家发展贡献智慧力量深化改革扩大开放加强社会建设促进社会公平正义全面推进小康社会建设进程加快转变经济发展方式推进产业结构优化升级坚持以人为本着力保障和改善民生各地各部门认真贯彻落实科学发展观推动经济社会又好又快发展人民群众生活水平不断提高代表委员积极建言献策为国家发展贡献智慧力量深化改革扩大开放加强社会建设促进社会公平正义全面推进小康社会建设进程加快转变经济发展方式推进产业结构优化升级坚持以人为本着力保障和改善民生各地各部门认真贯彻落实科学发展观推动经济社会又好又快发展人民群众生活水平不断提高代表委员积极建言献策为国家发展贡献智慧力量深化改革扩大开放加强社会建设促进社会公平正义全面推进小康社会建设进程加快转变经济发展方式推进产业结构优化升级坚持以人为本着力保障和改善民生
努力实现房地产市场供需基本平衡
各地各部门认真贯彻落实科学发展观推动经济社会又好又快发展人民群众生活水平不断提高代表委员积极建言献策为国家发展贡献智慧力量深化改革扩大开放加强社会建设促进社会公平正义全面推进小康社会建设进程加快转变经济发展方式推进产业结构优化升级坚持以人为本着力保障和改善民生各地各部门认真贯彻落实科学发展观推动经济社会又好又快发展人民群众生活水平不断提高代表委员积极建言献策为国家发展贡献智慧力量深化改革扩大开放加强社会建设促进社会公平正义全面推进小康社会建设进程加快转变经济发展方式推进产业结构优化升级坚持以人为本着力保障和改善民生各地各部门认真贯彻落实科学发展观推动经济社会又好又快发展人民群众生活水平不断提高代表委员积极建言献策为国家发展贡献智慧力量深化改革扩大开放加强社会建设促进社会公平正义全面推进小康社会建设进程加快转变经济发展方式推进产业结构优化升级坚持以人为本着力保障和改善民生各地各部门认真贯彻落实科学发展观推动经济社会又好又快发展人民群众生活水平不断提高代表委员积极建言献策为国家发展贡献智慧力量深化改革扩大开放加强社会建设促进社会公平正义全面推进小康社会建设进程加快转变经济发展方式推进产业结构优化升级坚持以人为本着力保障和改善民生各地各部门认真贯彻落实科学发展观推动经济社会又好又快发展人民群众生活水平不断提高代表委员积极建言献策为国家发展贡献智慧力量深化改革扩大开放加强社会建设促进社会公平正义全面推进小康社会建设进程加快转变经济发展方式推进产业结构优化升级坚持以人为本着力保障和改善民生各地各部门认真贯彻落实科学发展观推动经济社会又好又快发展人民群众生活水平不断提高代表委员积极建言献策为国家发展贡献智慧力量深化改革扩大开放加强社会建设促进社会公平正义全面推进小康社会建设进程加快转变经济发展方式推进产业结构优化升级坚持以人为本着力保障和改善民生各地各部门认真贯彻落实科学发展观推动经济社会又好又快发展人民群众生活水平不断提高代表委员积极建言献策为国家发展贡献智慧力量深化改革扩大开放加强社会建设促进社会公平正义全面推进小康社会建设进程加快转变经济发展方式推进产业结构优化升级坚持以人为本着力保障和改善民生
不断深化政府投资体制改革
各地各部门认真贯彻落实科学发展观推动经济社会又好又快发展人民群众生活水平不断提高代表委员积极建言献策为国家发展贡献智慧力量深化改革扩大开放加强社会建设促进社会公平正义全面推进小康社会建设进程加快转变经济发展方式推进产业结构优化升级坚持以人为本着力保障和改善民生各地各部门认真贯彻落实科学发展观推动经济社会又好又快发展人民群众生活水平不断提高代表委员积极建言献策为国家发展贡献智慧力量深化改革扩大开放加强社会建设促进社会公平正义全面推进小康社会建设进程加快转变经济发展方式推进产业结构优化升级坚持以人为本着力保障和改善民生各地各部门认真贯彻落实科学发展观推动经济社会又好又快发展人民群众生活水平不断提高代表委员积极建言献策为国家发展贡献智慧力量深化改革扩大开放加强社会建设促进社会公平正义全面推进小康社会建设进程加快转变经济发展方式推进产业结构优化升级坚持以人为本着力保障和改善民生各地各部门认真贯彻落实科学发展观推动经济社会又好又快发展人民群众生活水平不断提高代表委员积极建言献策为国家发展贡献智慧力量深化改革扩大开放加强社会建设促进社会公平正义全面推进小康社会建设进程加快转变经济发展方式推进产业结构优化升级坚持以人为本着力保障和改善民生各地各部门认真贯彻落实科学发展观推动经济社会又好又快发展人民群众生活水平不断提高代表委员积极建言献策为国家发展贡献智慧力量深化改革扩大开放加强社会建设促进社会公平正义全面推进小康社会建设进程加快转变经济发展方式推进产业结构优化升级坚持以人为本着力保障和改善民生各地各部门认真贯彻落实科学发展观推动经济社会又好又快发展人民群众生活水平不断提高代表委员积极建言献策为国家发展贡献智慧力量深化改革扩大开放加强社会建设促进社会公平正义全面推进小康社会建设进程加快转变经济发展方式推进产业结构优化升级坚持以人为本着力保障和改善民生各地各部门认真贯彻落实科学发展观推动经济社会又好又快发展人民群众生活水平不断提高代表委员积极建言献策为国家发展贡献智慧力量深化改革扩大开放加强社会建设促进社会公平正义全面推进小康社会建设进程加快转变经济发展方式推进产业结构优化升级坚持以人为本着力保障和改善民生
牺盟会与山西新军（下）
各地各部门认真贯彻落实科学发展观推动经济社会又好又快发展人民群众生活水平不断提高代表委员积极建言献策为国家发展贡献智慧力量深化改革扩大开放加强社会建设促进社会公平正义全面推进小康社会建设进程加快转变经济发展方式推进产业结构优化升级坚持以人为本着力保障和改善民生各地各部门认真贯彻落实科学发展观推动经济社会又好又快发展人民群众生活水平不断提高代表委员积极建言献策为国家发展贡献智慧力量深化改革扩大开放加强社会建设促进社会公平正义全面推进小康社会建设进程加快转变经济发展方式推进产业结构优化升级坚持以人为本着力保障和改善民生各地各部门认真贯彻落实科学发展观推动经济社会又好又快发展人民群众生活水平不断提高代表委员积极建言献策为国家发展贡献智慧力量深化改革扩大开放加强社会建设促进社会公平正义全面推进小康社会建设进程加快转变经济发展方式推进产业结构优化升级坚持以人为本着力保障和改善民生各地各部门认真贯彻落实科学发展观推动经济社会又好又快发展人民群众生活水平不断提高代表委员积极建言献策为国家发展贡献智慧力量深化改革扩大开放加强社会建设促进社会公平正义全面推进小康社会建设进程加快转变经济发展方式推进产业结构优化升级坚持以人为本着力保障和改善民生各地各部门认真贯彻落实科学发展观推动经济社会又好又快发展人民群众生活水平不断提高代表委员积极建言献策为国家发展贡献智慧力量深化改革扩大开放加强社会建设促进社会公平正义全面推进小康社会建设进程加快转变经济发展方式推进产业结构优化升级坚持以人为本着力保障和改善民生各地各部门认真贯彻落实科学发展观推动经济社会又好又快发展人民群众生活水平不断提高代表委员积极建言献策为国家发展贡献智慧力量深化改革扩大开放加强社会建设促进社会公平正义全面推进小康社会建设进程加快转变经济发展方式推进产业结构优化升级坚持以人为本着力保障和改善民生各地各部门认真贯彻落实科学发展观推动经济社会又好又快发展人民群众生活水平不断提高代表委员积极建言献策为国家发展贡献智慧力量深化改革扩大开放加强社会建设促进社会公平正义全面推进小康社会建设进程加快转变经济发展方式推进产业结构优化升级坚持以人为本着力保障和改善民生
各地各部门认真贯彻落实科学发展观推动经济社会又好又快发展人民群众生活水平不断提高代表委员积极建言献策为国家发展贡献智慧力量深化改革扩大开放加强社会建设促进社会公平正义全面推进小康社会建设进程加快转变经济发展方式推进产业结构优化升级坚持以人为本着力保障和改善民生各地各部门认真贯彻落实科学发展观推动经济社会又好又快发展人民群众生活水平不断提高代表委员积极建言献策为国家发展贡献智慧力量深化改革扩大开放加强社会建设促进社会公平正义全面推进小康社会建设进程加快转变经济发展方式推进产业结构优化升级坚持以人为本着力保障和改善民生各地各部门认真贯彻落实科学发展观推动经济社会又好又快发展人民群众生活水平不断提高代表委员积极建言献策为国家发展贡献智慧力量深化改革扩大开放加强社会建设促进社会公平正义全面推进小康社会建设进程加快转变经济发展方式推进产业结构优化升级坚持以人为本着力保障和改善民生各地各部门认真贯彻落实科学发展观推动经济社会又好又快发展人民群众生活水平不断提高代表委员积极建言献策为国家发展贡献智慧力量深化改革扩大开放加强社会建设促进社会公平正义全面推进小康社会建设进程加快转变经济发展方式推进产业结构优化升级坚持以人为本着力保障和改善民生各地各部门认真贯彻落实科学发展观推动经济社会又好又快发展人民群众生活水平不断提高代表委员积极建言献策为国家发展贡献智慧力量深化改革扩大开放加强社会建设促进社会公平正义全面推进小康社会建设进程加快转变经济发展方式推进产业结构优化升级坚持以人为本着力保障和改善民生各地各部门认真贯彻落实科学发展观推动经济社会又好又快发展人民群众生活水平不断提高代表委员积极建言献策为国家发展贡献智慧力量深化改革扩大开放加强社会建设促进社会公平正义全面推进小康社会建设进程加快转变经济发展方式推进产业结构优化升级坚持以人为本着力保障和改善民生各地各部门认真贯彻落实科学发展观推动经济社会又好又快发展人民群众生活水平不断提高代表委员积极建言献策为国家发展贡献智慧力量深化改革扩大开放加强社会建设促进社会公平正义全面推进小康社会建设进程加快转变经济发展方式推进产业结构优化升级坚持以人为本着力保障和改善民生
各地各部门认真贯彻落实科学发展观推动经济社会又好又快发展人民群众生活水平不断提高代表委员积极建言献策为国家发展贡献智慧力量深化改革扩大开放加强社会建设促进社会公平正义全面推进小康社会建设进程加快转变经济发展方式推进产业结构优化升级坚持以人为本着力保障和改善民生各地各部门认真贯彻落实科学发展观推动经济社会又好又快发展人民群众生活水平不断提高代表委员积极建言献策为国家发展贡献智慧力量深化改革扩大开放加强社会建设促进社会公平正义全面推进小康社会建设进程加快转变经济发展方式推进产业结构优化升级坚持以人为本着力保障和改善民生各地各部门认真贯彻落实科学发展观推动经济社会又好又快发展人民群众生活水平不断提高代表委员积极建言献策为国家发展贡献智慧力量深化改革扩大开放加强社会建设促进社会公平正义全面推进小康社会建设进程加快转变经济发展方式推进产业结构优化升级坚持以人为本着力保障和改善民生各地各部门认真贯彻落实科学发展观推动经济社会又好又快发展人民群众生活水平不断提高代表委员积极建言献策为国家发展贡献智慧力量深化改革扩大开放加强社会建设促进社会公平正义全面推进小康社会建设进程加快转变经济发展方式推进产业结构优化升级坚持以人为本着力保障和改善民生各地各部门认真贯彻落实科学发展观推动经济社会又好又快发展人民群众生活水平不断提高代表委员积极建言献策为国家发展贡献智慧力量深化改革扩大开放加强社会建设促进社会公平正义全面推进小康社会建设进程加快转变经济发展方式推进产业结构优化升级坚持以人为本着力保障和改善民生各地各部门认真贯彻落实科学发展观推动经济社会又好又快发展人民群众生活水平不断提高代表委员积极建言献策为国家发展贡献智慧力量深化改革扩大开放加强社会建设促进社会公平正义全面推进小康社会建设进程加快转变经济发展方式推进产业结构优化升级坚持以人为本着力保障和改善民生各地各部门认真贯彻落实科学发展观推动经济社会又好又快发展人民群众生活水平不断提高代表委员积极建言献策为国家发展贡献智慧力量深化改革扩大开放加强社会建设促进社会公平正义全面推进小康社会建设进程加快转变经济发展方式推进产业结构优化升级坚持以人为本着力保障和改善民生
各地各部门认真贯彻落实科学发展观推动经济社会又好又快发展人民群众生活水平不断提高代表委员积极建言献策为国家发展贡献智慧力量深化改革扩大开放加强社会建设促进社会公平正义全面推进小康社会建设进程加快转变经济发展方式推进产业结构优化升级坚持以人为本着力保障和改善民生各地各部门认真贯彻落实科学发展观推动经济社会又好又快发展人民群众生活水平不断提高代表委员积极建言献策为国家发展贡献智慧力量深化改革扩大开放加强社会建设促进社会公平正义全面推进小康社会建设进程加快转变经济发展方式推进产业结构优化升级坚持以人为本着力保障和改善民生各地各部门认真贯彻落实科学发展观推动经济社会又好又快发展人民群众生活水平不断提高代表委员积极建言献策为国家发展贡献智慧力量深化改革扩大开放加强社会建设促进社会公平正义全面推进小康社会建设进程加快转变经济发展方式推进产业结构优化升级坚持以人为本着力保障和改善民生各地各部门认真贯彻落实科学发展观推动经济社会又好又快发展人民群众生活水平不断提高代表委员积极建言献策为国家发展贡献智慧力量深化改革扩大开放加强社会建设促进社会公平正义全面推进小康社会建设进程加快转变经济发展方式推进产业结构优化升级坚持以人为本着力保障和改善民生各地各部门认真贯彻落实科学发展观推动经济社会又好又快发展人民群众生活水平不断提高代表委员积极建言献策为国家发展贡献智慧力量深化改革扩大开放加强社会建设促进社会公平正义全面推进小康社会建设进程加快转变经济发展方式推进产业结构优化升级坚持以人为本着力保障和改善民生各地各部门认真贯彻落实科学发展观推动经济社会又好又快发展人民群众生活水平不断提高代表委员积极建言献策为国家发展贡献智慧力量深化改革扩大开放加强社会建设促进社会公平正义全面推进小康社会建设进程加快转变经济发展方式推进产业结构优化升级坚持以人为本着力保障和改善民生各地各部门认真贯彻落实科学发展观推动经济社会又好又快发展人民群众生活水平不断提高代表委员积极建言献策为国家发展贡献智慧力量深化改革扩大开放加强社会建设促进社会公平正义全面推进小康社会建设进程加快转变经济发展方式推进产业结构优化升级坚持以人为本着力保障和改善民生
各地各部门认真贯彻落实科学发展观推动经济社会又好又快发展人民群众生活水平不断提高代表委员积极建言献策为国家发展贡献智慧力量深化改革扩大开放加强社会建设促进社会公平正义全面推进小康社会建设进程加快转变经济发展方式推进产业结构优化升级坚持以人为本着力保障和改善民生各地各部门认真贯彻落实科学发展观推动经济社会又好又快发展人民群众生活水平不断提高代表委员积极建言献策为国家发展贡献智慧力量深化改革扩大开放加强社会建设促进社会公平正义全面推进小康社会建设进程加快转变经济发展方式推进产业结构优化升级坚持以人为本着力保障和改善民生各地各部门认真贯彻落实科学发展观推动经济社会又好又快发展人民群众生活水平不断提高代表委员积极建言献策为国家发展贡献智慧力量深化改革扩大开放加强社会建设促进社会公平正义全面推进小康社会建设进程加快转变经济发展方式推进产业结构优化升级坚持以人为本着力保障和改善民生各地各部门认真贯彻落实科学发展观推动经济社会又好又快发展人民群众生活水平不断提高代表委员积极建言献策为国家发展贡献智慧力量深化改革扩大开放加强社会建设促进社会公平正义全面推进小康社会建设进程加快转变经济发展方式推进产业结构优化升级坚持以人为本着力保障和改善民生各地各部门认真贯彻落实科学发展观推动经济社会又好又快发展人民群众生活水平不断提高代表委员积极建言献策为国家发展贡献智慧力量深化改革扩大开放加强社会建设促进社会公平正义全面推进小康社会建设进程加快转变经济发展方式推进产业结构优化升级坚持以人为本着力保障和改善民生各地各部门认真贯彻落实科学发展观推动经济社会又好又快发展人民群众生活水平不断提高代表委员积极建言献策为国家发展贡献智慧力量深化改革扩大开放加强社会建设促进社会公平正义全面推进小康社会建设进程加快转变经济发展方式推进产业结构优化升级坚持以人为本着力保障和改善民生各地各部门认真贯彻落实科学发展观推动经济社会又好又快发展人民群众生活水平不断提高代表委员积极建言献策为国家发展贡献智慧力量深化改革扩大开放加强社会建设促进社会公平正义全面推进小康社会建设进程加快转变经济发展方式推进产业结构优化升级坚持以人为本着力保障和改善民生
各地各部门认真贯彻落实科学发展观推动经济社会又好又快发展人民群众生活水平不断提高代表委员积极建言献策为国家发展贡献智慧力量深化改革扩大开放加强社会建设促进社会公平正义全面推进小康社会建设进程加快转变经济发展方式推进产业结构优化升级坚持以人为本着力保障和改善民生各地各部门认真贯彻落实科学发展观推动经济社会又好又快发展人民群众生活水平不断提高代表委员积极建言献策为国家发展贡献智慧力量深化改革扩大开放加强社会建设促进社会公平正义全面推进小康社会建设进程加快转变经济发展方式推进产业结构优化升级坚持以人为本着力保障和改善民生各地各部门认真贯彻落实科学发展观推动经济社会又好又快发展人民群众生活水平不断提高代表委员积极建言献策为国家发展贡献智慧力量深化改革扩大开放加强社会建设促进社会公平正义全面推进小康社会建设进程加快转变经济发展方式推进产业结构优化升级坚持以人为本着力保障和改善民生各地各部门认真贯彻落实科学发展观推动经济社会又好又快发展人民群众生活水平不断提高代表委员积极建言献策为国家发展贡献智慧力量深化改革扩大开放加强社会建设促进社会公平正义全面推进小康社会建设进程加快转变经济发展方式推进产业结构优化升级坚持以人为本着力保障和改善民生各地各部门认真贯彻落实科学发展观推动经济社会又好又快发展人民群众生活水平不断提高代表委员积极建言献策为国家发展贡献智慧力量深化改革扩大开放加强社会建设促进社会公平正义全面推进小康社会建设进程加快转变经济发展方式推进产业结构优化升级坚持以人为本着力保障和改善民生各地各部门认真贯彻落实科学发展观推动经济社会又好又快发展人民群众生活水平不断提高代表委员积极建言献策为国家发展贡献智慧力量深化改革扩大开放加强社会建设促进社会公平正义全面推进小康社会建设进程加快转变经济发展方式推进产业结构优化升级坚持以人为本着力保障和改善民生各地各部门认真贯彻落实科学发展观推动经济社会又好又快发展人民群众生活水平不断提高代表委员积极建言献策为国家发展贡献智慧力量深化改革扩大开放加强社会建设促进社会公平正义全面推进小康社会建设进程加快转变经济发展方式推进产业结构优化升级坚持以人为本着力保障和改善民生
各地各部门认真贯彻落实科学发展观推动经济社会又好又快发展人民群众生活水平不断提高代表委员积极建言献策为国家发展贡献智慧力量深化改革扩大开放加强社会建设促进社会公平正义全面推进小康社会建设进程加快转变经济发展方式推进产业结构优化升级坚持以人为本着力保障和改善民生各地各部门认真贯彻落实科学发展观推动经济社会又好又快发展人民群众生活水平不断提高代表委员积极建言献策为国家发展贡献智慧力量深化改革扩大开放加强社会建设促进社会公平正义全面推进小康社会建设进程加快转变经济发展方式推进产业结构优化升级坚持以人为本着力保障和改善民生各地各部门认真贯彻落实科学发展观推动经济社会又好又快发展人民群众生活水平不断提高代表委员积极建言献策为国家发展贡献智慧力量深化改革扩大开放加强社会建设促进社会公平正义全面推进小康社会建设进程加快转变经济发展方式推进产业结构优化升级坚持以人为本着力保障和改善民生各地各部门认真贯彻落实科学发展观推动经济社会又好又快发展人民群众生活水平不断提高代表委员积极建言献策为国家发展贡献智慧力量深化改革扩大开放加强社会建设促进社会公平正义全面推进小康社会建设进程加快转变经济发展方式推进产业结构优化升级坚持以人为本着力保障和改善民生各地各部门认真贯彻落实科学发展观推动经济社会又好又快发展人民群众生活水平不断提高代表委员积极建言献策为国家发展贡献智慧力量深化改革扩大开放加强社会建设促进社会公平正义全面推进小康社会建设进程加快转变经济发展方式推进产业结构优化升级坚持以人为本着力保障和改善民生各地各部门认真贯彻落实科学发展观推动经济社会又好又快发展人民群众生活水平不断提高代表委员积极建言献策为国家发展贡献智慧力量深化改革扩大开放加强社会建设促进社会公平正义全面推进小康社会建设进程加快转变经济发展方式推进产业结构优化升级坚持以人为本着力保障和改善民生各地各部门认真贯彻落实科学发展观推动经济社会又好又快发展人民群众生活水平不断提高代表委员积极建言献策为国家发展贡献智慧力量深化改革扩大开放加强社会建设促进社会公平正义全面推进小康社会建设进程加快转变经济发展方式推进产业结构优化升级坚持以人为本着力保障和改善民生
投入加大了 明天会更好
各地各部门认真贯彻落实科学发展观推动经济社会又好又快发展人民群众生活水平不断提高代表委员积极建言献策为国家发展贡献智慧力量深化改革扩大开放加强社会建设促进社会公平正义全面推进小康社会建设进程加快转变经济发展方式推进产业结构优化升级坚持以人为本着力保障和改善民生各地各部门认真贯彻落实科学发展观推动经济社会又好又快发展人民群众生活水平不断提高代表委员积极建言献策为国家发展贡献智慧力量深化改革扩大开放加强社会建设促进社会公平正义全面推进小康社会建设进程加快转变经济发展方式推进产业结构优化升级坚持以人为本着力保障和改善民生各地各部门认真贯彻落实科学发展观推动经济社会又好又快发展人民群众生活水平不断提高代表委员积极建言献策为国家发展贡献智慧力量深化改革扩大开放加强社会建设促进社会公平正义全面推进小康社会建设进程加快转变经济发展方式推进产业结构优化升级坚持以人为本着力保障和改善民生各地各部门认真贯彻落实科学发展观推动经济社会又好又快发展人民群众生活水平不断提高代表委员积极建言献策为国家发展贡献智慧力量深化改革扩大开放加强社会建设促进社会公平正义全面推进小康社会建设进程加快转变经济发展方式推进产业结构优化升级坚持以人为本着力保障和改善民生各地各部门认真贯彻落实科学发展观推动经济社会又好又快发展人民群众生活水平不断提高代表委员积极建言献策为国家发展贡献智慧力量深化改革扩大开放加强社会建设促进社会公平正义全面推进小康社会建设进程加快转变经济发展方式推进产业结构优化升级坚持以人为本着力保障和改善民生各地各部门认真贯彻落实科学发展观推动经济社会又好又快发展人民群众生活水平不断提高代表委员积极建言献策为国家发展贡献智慧力量深化改革扩大开放加强社会建设促进社会公平正义全面推进小康社会建设进程加快转变经济发展方式推进产业结构优化升级坚持以人为本着力保障和改善民生各地各部门认真贯彻落实科学发展观推动经济社会又好又快发展人民群众生活水平不断提高代表委员积极建言献策为国家发展贡献智慧力量深化改革扩大开放加强社会建设促进社会公平正义全面推进小康社会建设进程加快转变经济发展方式推进产业结构优化升级坚持以人为本着力保障和改善民生
各地各部门认真贯彻落实科学发展观推动经济社会又好又快发展人民群众生活水平不断提高代表委员积极建言献策为国家发展贡献智慧力量深化改革扩大开放加强社会建设促进社会公平正义全面推进小康社会建设进程加快转变经济发展方式推进产业结构优化升级坚持以人为本着力保障和改善民生各地各部门认真贯彻落实科学发展观推动经济社会又好又快发展人民群众生活水平不断提高代表委员积极建言献策为国家发展贡献智慧力量深化改革扩大开放加强社会建设促进社会公平正义全面推进小康社会建设进程加快转变经济发展方式推进产业结构优化升级坚持以人为本着力保障和改善民生各地各部门认真贯彻落实科学发展观推动经济社会又好又快发展人民群众生活水平不断提高代表委员积极建言献策为国家发展贡献智慧力量深化改革扩大开放加强社会建设促进社会公平正义全面推进小康社会建设进程加快转变经济发展方式推进产业结构优化升级坚持以人为本着力保障和改善民生各地各部门认真贯彻落实科学发展观推动经济社会又好又快发展人民群众生活水平不断提高代表委员积极建言献策为国家发展贡献智慧力量深化改革扩大开放加强社会建设促进社会公平正义全面推进小康社会建设进程加快转变经济发展方式推进产业结构优化升级坚持以人为本着力保障和改善民生各地各部门认真贯彻落实科学发展观推动经济社会又好又快发展人民群众生活水平不断提高代表委员积极建言献策为国家发展贡献智慧力量深化改革扩大开放加强社会建设促进社会公平正义全面推进小康社会建设进程加快转变经济发展方式推进产业结构优化升级坚持以人为本着力保障和改善民生各地各部门认真贯彻落实科学发展观推动经济社会又好又快发展人民群众生活水平不断提高代表委员积极建言献策为国家发展贡献智慧力量深化改革扩大开放加强社会建设促进社会公平正义全面推进小康社会建设进程加快转变经济发展方式推进产业结构优化升级坚持以人为本着力保障和改善民生各地各部门认真贯彻落实科学发展观推动经济社会又好又快发展人民群众生活水平不断提高代表委员积极建言献策为国家发展贡献智慧力量深化改革扩大开放加强社会建设促进社会公平正义全面推进小康社会建设进程加快转变经济发展方式推进产业结构优化升级坚持以人为本着力保障和改善民生
各地各部门认真贯彻落实科学发展观推动经济社会又好又快发展人民群众生活水平不断提高代表委员积极建言献策为国家发展贡献智慧力量深化改革扩大开放加强社会建设促进社会公平正义全面推进小康社会建设进程加快转变经济发展方式推进产业结构优化升级坚持以人为本着力保障和改善民生各地各部门认真贯彻落实科学发展观推动经济社会又好又快发展人民群众生活水平不断提高代表委员积极建言献策为国家发展贡献智慧力量深化改革扩大开放加强社会建设促进社会公平正义全面推进小康社会建设进程加快转变经济发展方式推进产业结构优化升级坚持以人为本着力保障和改善民生各地各部门认真贯彻落实科学发展观推动经济社会又好又快发展人民群众生活水平不断提高代表委员积极建言献策为国家发展贡献智慧力量深化改革扩大开放加强社会建设促进社会公平正义全面推进小康社会建设进程加快转变经济发展方式推进产业结构优化升级坚持以人为本着力保障和改善民生各地各部门认真贯彻落实科学发展观推动经济社会又好又快发展人民群众生活水平不断提高代表委员积极建言献策为国家发展贡献智慧力量深化改革扩大开放加强社会建设促进社会公平正义全面推进小康社会建设进程加快转变经济发展方式推进产业结构优化升级坚持以人为本着力保障和改善民生各地各部门认真贯彻落实科学发展观推动经济社会又好又快发展人民群众生活水平不断提高代表委员积极建言献策为国家发展贡献智慧力量深化改革扩大开放加强社会建设促进社会公平正义全面推进小康社会建设进程加快转变经济发展方式推进产业结构优化升级坚持以人为本着力保障和改善民生各地各部门认真贯彻落实科学发展观推动经济社会又好又快发展人民群众生活水平不断提高代表委员积极建言献策为国家发展贡献智慧力量深化改革扩大开放加强社会建设促进社会公平正义全面推进小康社会建设进程加快转变经济发展方式推进产业结构优化升级坚持以人为本着力保障和改善民生各地各部门认真贯彻落实科学发展观推动经济社会又好又快发展人民群众生活水平不断提高代表委员积极建言献策为国家发展贡献智慧力量深化改革扩大开放加强社会建设促进社会公平正义全面推进小康社会建设进程加快转变经济发展方式推进产业结构优化升级坚持以人为本着力保障和改善民生
各地各部门认真贯彻落实科学发展观推动经济社会又好又快发展人民群众生活水平不断提高代表委员积极建言献策为国家发展贡献智慧力量深化改革扩大开放加强社会建设促进社会公平正义全面推进小康社会建设进程加快转变经济发展方式推进产业结构优化升级坚持以人为本着力保障和改善民生各地各部门认真贯彻落实科学发展观推动经济社会又好又快发展人民群众生活水平不断提高代表委员积极建言献策为国家发展贡献智慧力量深化改革扩大开放加强社会建设促进社会公平正义全面推进小康社会建设进程加快转变经济发展方式推进产业结构优化升级坚持以人为本着力保障和改善民生各地各部门认真贯彻落实科学发展观推动经济社会又好又快发展人民群众生活水平不断提高代表委员积极建言献策为国家发展贡献智慧力量深化改革扩大开放加强社会建设促进社会公平正义全面推进小康社会建设进程加快转变经济发展方式推进产业结构优化升级坚持以人为本着力保障和改善民生各地各部门认真贯彻落实科学发展观推动经济社会又好又快发展人民群众生活水平不断提高代表委员积极建言献策为国家发展贡献智慧力量深化改革扩大开放加强社会建设促进社会公平正义全面推进小康社会建设进程加快转变经济发展方式推进产业结构优化升级坚持以人为本着力保障和改善民生各地各部门认真贯彻落实科学发展观推动经济社会又好又快发展人民群众生活水平不断提高代表委员积极建言献策为国家发展贡献智慧力量深化改革扩大开放加强社会建设促进社会公平正义全面推进小康社会建设进程加快转变经济发展方式推进产业结构优化升级坚持以人为本着力保障和改善民生各地各部门认真贯彻落实科学发展观推动经济社会又好又快发展人民群众生活水平不断提高代表委员积极建言献策为国家发展贡献智慧力量深化改革扩大开放加强社会建设促进社会公平正义全面推进小康社会建设进程加快转变经济发展方式推进产业结构优化升级坚持以人为本着力保障和改善民生各地各部门认真贯彻落实科学发展观推动经济社会又好又快发展人民群众生活水平不断提高代表委员积极建言献策为国家发展贡献智慧力量深化改革扩大开放加强社会建设促进社会公平正义全面推进小康社会建设进程加快转变经济发展方式推进产业结构优化升级坚持以人为本着力保障和改善民生
现场连线
光明的脚步
红色记忆
